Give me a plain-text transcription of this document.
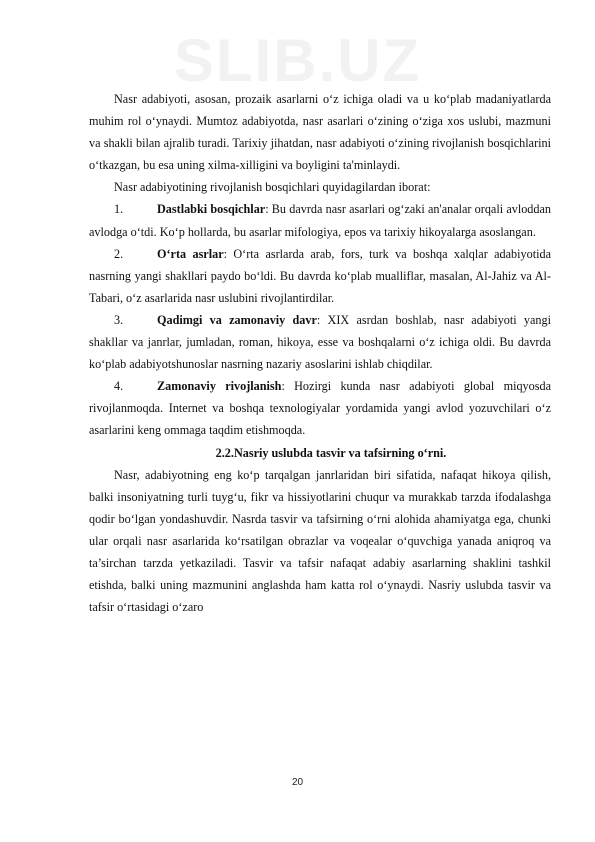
SLIB.UZ

Nasr adabiyoti, asosan, prozaik asarlarni o‘z ichiga oladi va u ko‘plab madaniyatlarda muhim rol o‘ynaydi. Mumtoz adabiyotda, nasr asarlari o‘zining o‘ziga xos uslubi, mazmuni va shakli bilan ajralib turadi. Tarixiy jihatdan, nasr adabiyoti o‘zining rivojlanish bosqichlarini o‘tkazgan, bu esa uning xilma-xilligini va boyligini ta'minlaydi.

Nasr adabiyotining rivojlanish bosqichlari quyidagilardan iborat:

1.	Dastlabki bosqichlar: Bu davrda nasr asarlari og‘zaki an'analar orqali avloddan avlodga o‘tdi. Ko‘p hollarda, bu asarlar mifologiya, epos va tarixiy hikoyalarga asoslangan.

2.	O‘rta asrlar: O‘rta asrlarda arab, fors, turk va boshqa xalqlar adabiyotida nasrning yangi shakllari paydo bo‘ldi. Bu davrda ko‘plab mualliflar, masalan, Al-Jahiz va Al-Tabari, o‘z asarlarida nasr uslubini rivojlantirdilar.

3.	Qadimgi va zamonaviy davr: XIX asrdan boshlab, nasr adabiyoti yangi shakllar va janrlar, jumladan, roman, hikoya, esse va boshqalarni o‘z ichiga oldi. Bu davrda ko‘plab adabiyotshunoslar nasrning nazariy asoslarini ishlab chiqdilar.

4.	Zamonaviy rivojlanish: Hozirgi kunda nasr adabiyoti global miqyosda rivojlanmoqda. Internet va boshqa texnologiyalar yordamida yangi avlod yozuvchilari o‘z asarlarini keng ommaga taqdim etishmoqda.

2.2.Nasriy uslubda tasvir va tafsirning o‘rni.

Nasr, adabiyotning eng ko‘p tarqalgan janrlaridan biri sifatida, nafaqat hikoya qilish, balki insoniyatning turli tuyg‘u, fikr va hissiyotlarini chuqur va murakkab tarzda ifodalashga qodir bo‘lgan yondashuvdir. Nasrda tasvir va tafsirning o‘rni alohida ahamiyatga ega, chunki ular orqali nasr asarlarida ko‘rsatilgan obrazlar va voqealar o‘quvchiga yanada aniqroq va ta’sirchan tarzda yetkaziladi. Tasvir va tafsir nafaqat adabiy asarlarning shaklini tashkil etishda, balki uning mazmunini anglashda ham katta rol o‘ynaydi. Nasriy uslubda tasvir va tafsir o‘rtasidagi o‘zaro

20
